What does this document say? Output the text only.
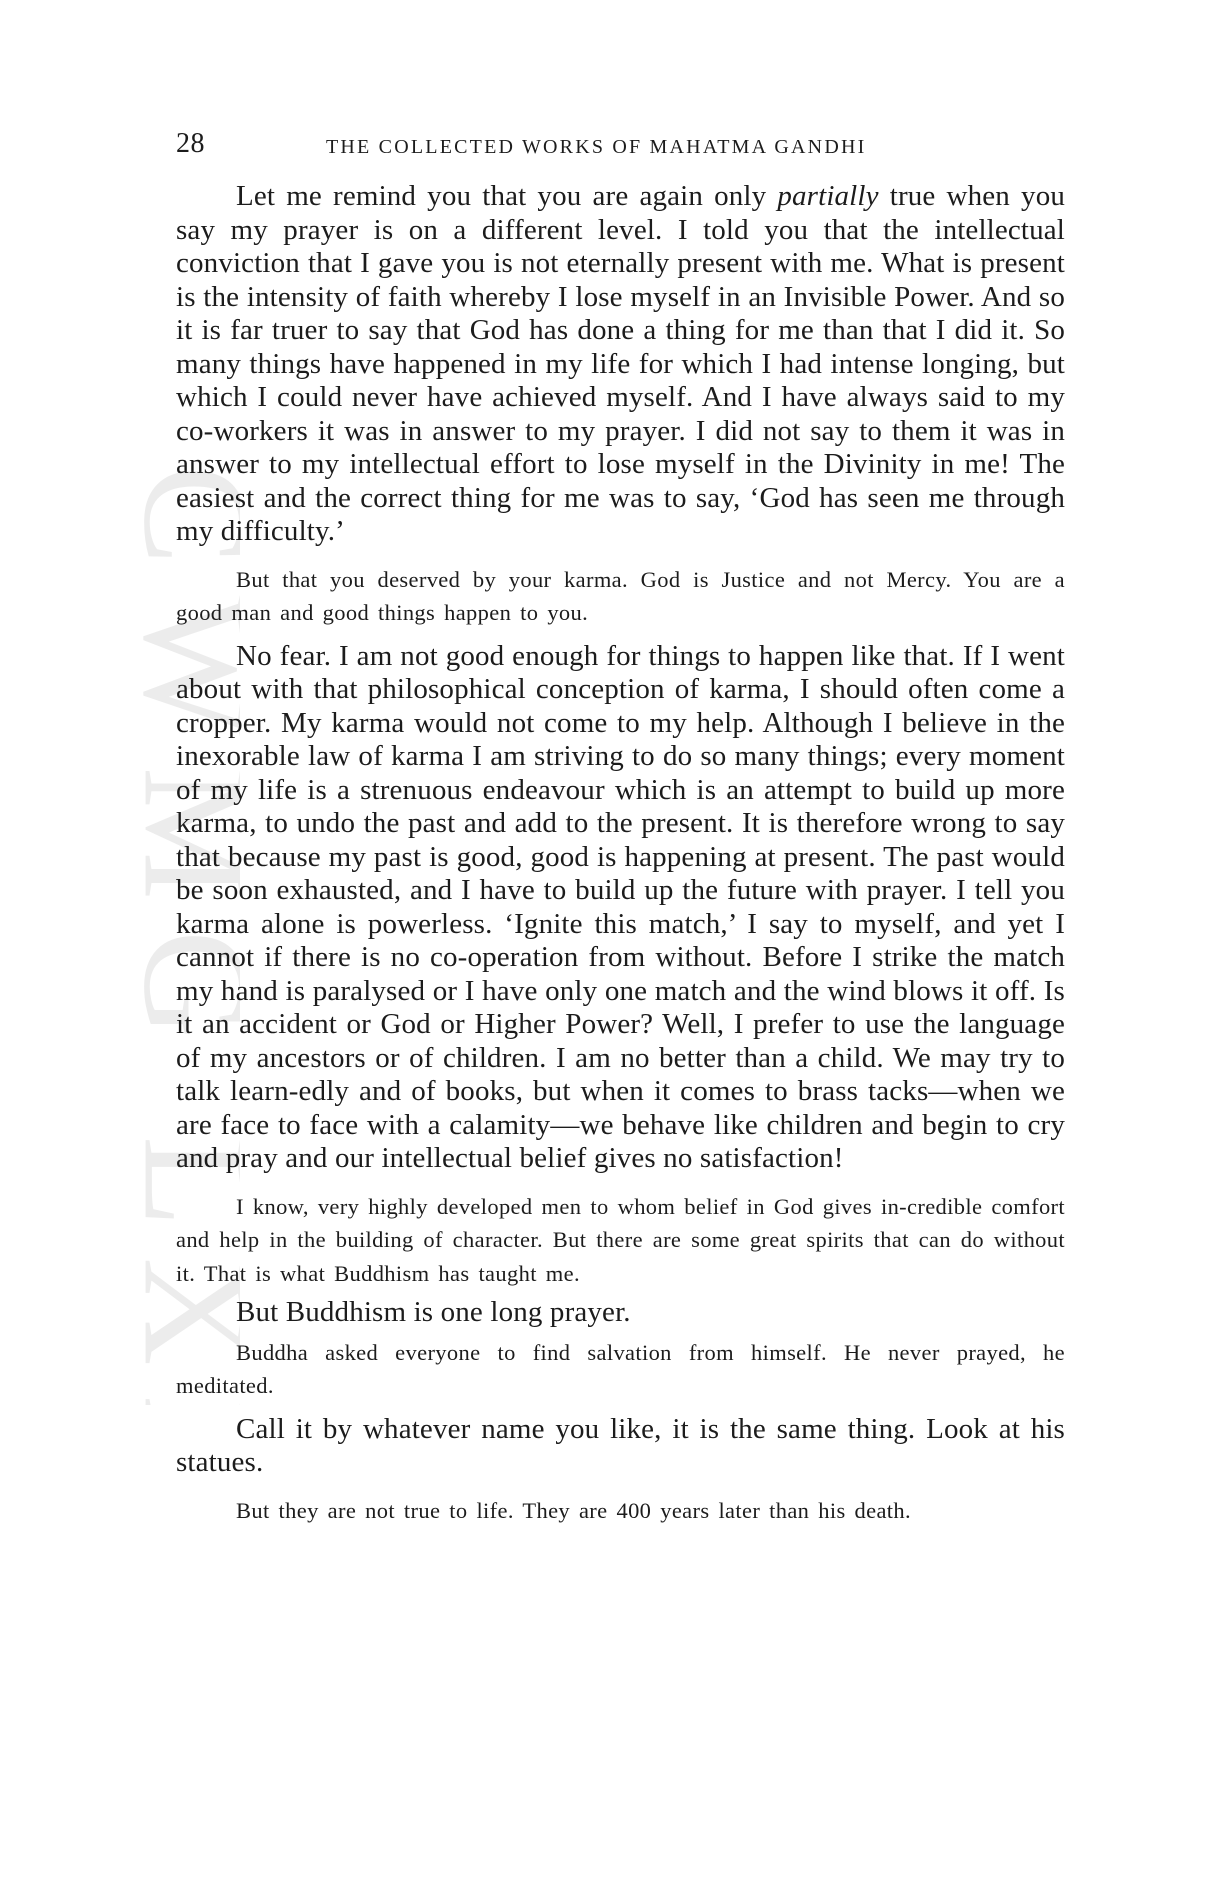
CWMG LX
28	THE COLLECTED WORKS OF MAHATMA GANDHI

Let me remind you that you are again only partially true when you say my prayer is on a different level. I told you that the intellectual conviction that I gave you is not eternally present with me. What is present is the intensity of faith whereby I lose myself in an Invisible Power. And so it is far truer to say that God has done a thing for me than that I did it. So many things have happened in my life for which I had intense longing, but which I could never have achieved myself. And I have always said to my co-workers it was in answer to my prayer. I did not say to them it was in answer to my intellectual effort to lose myself in the Divinity in me! The easiest and the correct thing for me was to say, ‘God has seen me through my difficulty.’

But that you deserved by your karma. God is Justice and not Mercy. You are a good man and good things happen to you.

No fear. I am not good enough for things to happen like that. If I went about with that philosophical conception of karma, I should often come a cropper. My karma would not come to my help. Although I believe in the inexorable law of karma I am striving to do so many things; every moment of my life is a strenuous endeavour which is an attempt to build up more karma, to undo the past and add to the present. It is therefore wrong to say that because my past is good, good is happening at present. The past would be soon exhausted, and I have to build up the future with prayer. I tell you karma alone is powerless. ‘Ignite this match,’ I say to myself, and yet I cannot if there is no co-operation from without. Before I strike the match my hand is paralysed or I have only one match and the wind blows it off. Is it an accident or God or Higher Power? Well, I prefer to use the language of my ancestors or of children. I am no better than a child. We may try to talk learn-edly and of books, but when it comes to brass tacks—when we are face to face with a calamity—we behave like children and begin to cry and pray and our intellectual belief gives no satisfaction!

I know, very highly developed men to whom belief in God gives in-credible comfort and help in the building of character. But there are some great spirits that can do without it. That is what Buddhism has taught me.

But Buddhism is one long prayer.

Buddha asked everyone to find salvation from himself. He never prayed, he meditated.

Call it by whatever name you like, it is the same thing. Look at his statues.

But they are not true to life. They are 400 years later than his death.
